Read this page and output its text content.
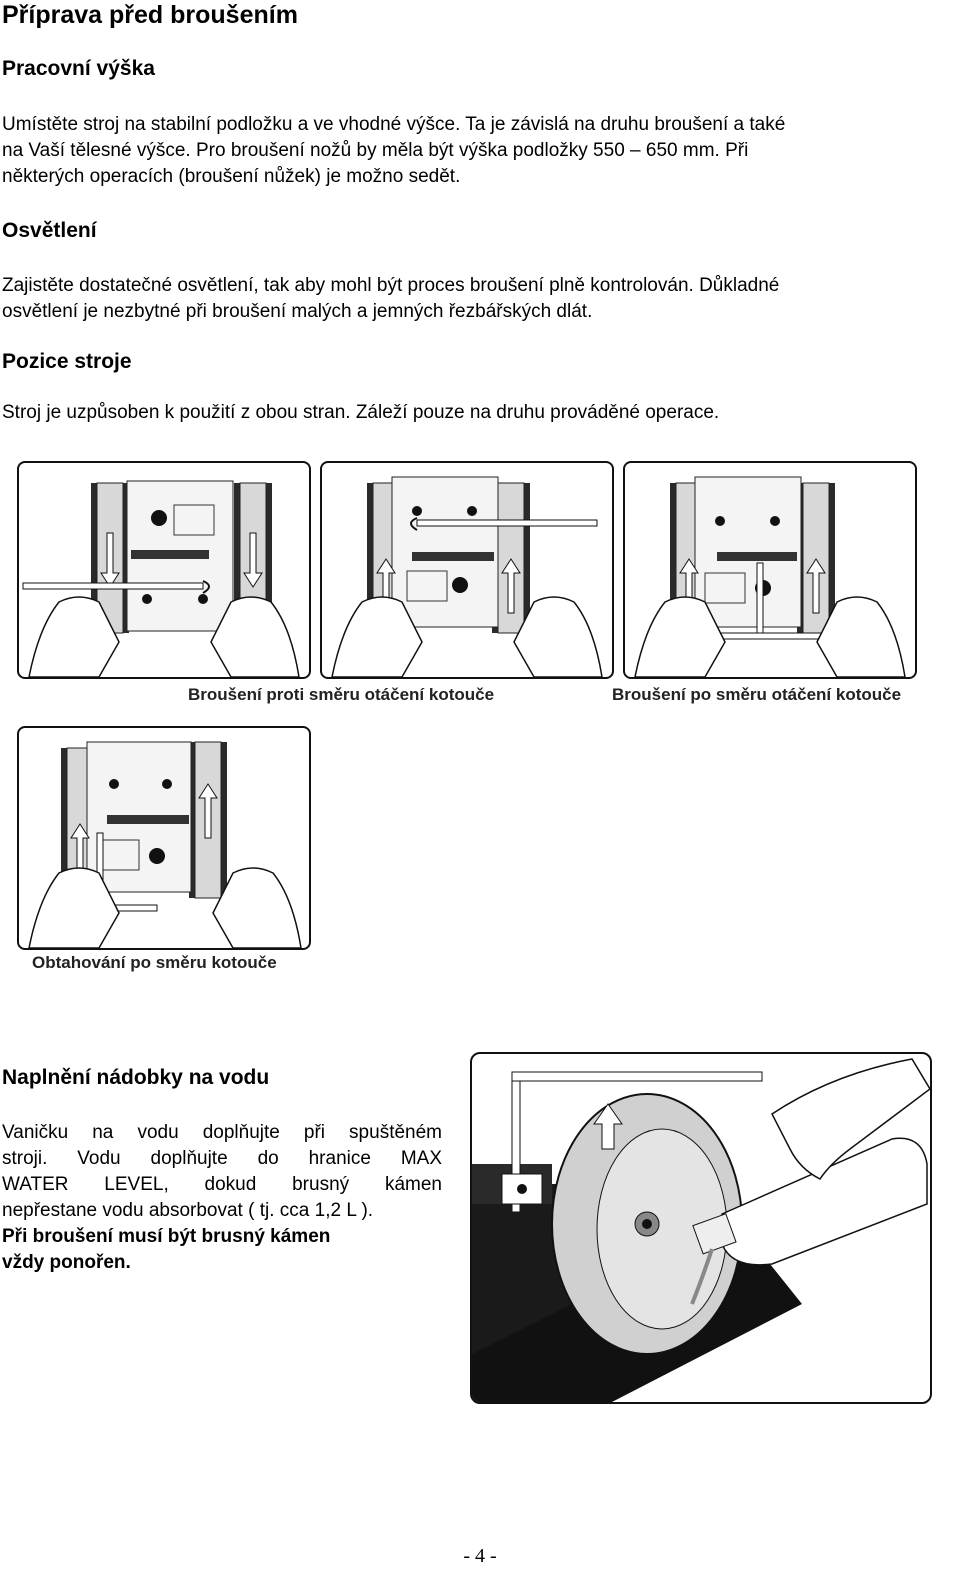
Příprava před broušením
Pracovní výška

Umístěte stroj na stabilní podložku a ve vhodné výšce. Ta je závislá na druhu broušení a také

na Vaší tělesné výšce. Pro broušení nožů by měla být výška podložky 550 – 650 mm. Při

některých operacích (broušení nůžek) je možno sedět.

Osvětlení

Zajistěte dostatečné osvětlení, tak aby mohl být proces broušení plně kontrolován. Důkladné

osvětlení je nezbytné při broušení malých a jemných řezbářských dlát.

Pozice stroje

Stroj je uzpůsoben k použití z obou stran. Záleží pouze na druhu prováděné operace.

Broušení proti směru otáčení kotouče	Broušení po směru otáčení kotouče
Obtahování po směru kotouče
Naplnění nádobky na vodu

Vaničku na vodu doplňujte při spuštěném

stroji. Vodu doplňujte do hranice MAX

WATER LEVEL, dokud brusný kámen

nepřestane vodu absorbovat ( tj. cca 1,2 L ).

Při broušení musí být brusný kámen

vždy ponořen.

- 4 -
